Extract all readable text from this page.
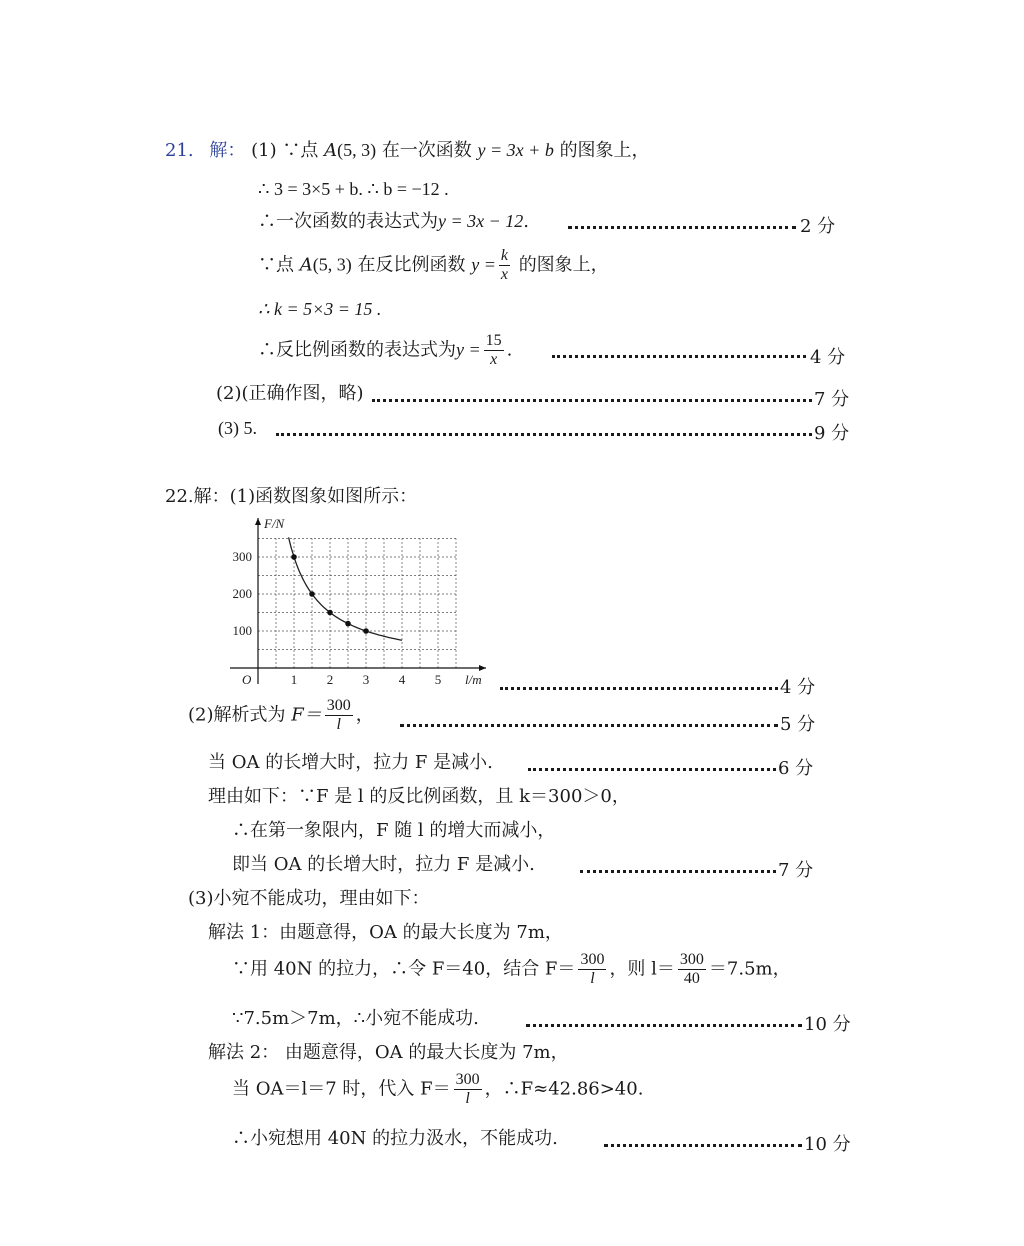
21. 解： (1) ∵点 A(5, 3) 在一次函数 y = 3x + b 的图象上，
∴ 3 = 3×5 + b. ∴ b = −12 .
∴一次函数的表达式为y = 3x − 12.	2 分
∵点 A(5, 3) 在反比例函数 $y = \frac{k}{x}$ 的图象上，
∴ k = 5×3 = 15 .
∴反比例函数的表达式为$y = \frac{15}{x}$ .	4 分
(2)(正确作图，略)	7 分
(3) 5.	9 分
22.解：(1)函数图象如图所示：
1 2 3 4 5
100
200
300
O	l/m
F/N
4 分
(2)解析式为 $F= \frac{300}{l}$ ，	5 分
当 OA 的长增大时，拉力 F 是减小.	6 分
理由如下：∵F 是 l 的反比例函数，且 k＝300＞0，
∴在第一象限内，F 随 l 的增大而减小，
即当 OA 的长增大时，拉力 F 是减小.	7 分
(3)小宛不能成功，理由如下：
解法 1：由题意得，OA 的最大长度为 7m，
∵用 40N 的拉力，∴令 F＝40，结合 $F= \frac{300}{l}$ ，则 $l= \frac{300}{40} =7.5m$，
∵7.5m＞7m，∴小宛不能成功.	10 分
解法 2： 由题意得，OA 的最大长度为 7m，
当 OA＝l＝7 时，代入 $F= \frac{300}{l}$ ，∴F≈42.86>40.
∴小宛想用 40N 的拉力汲水，不能成功.	10 分
